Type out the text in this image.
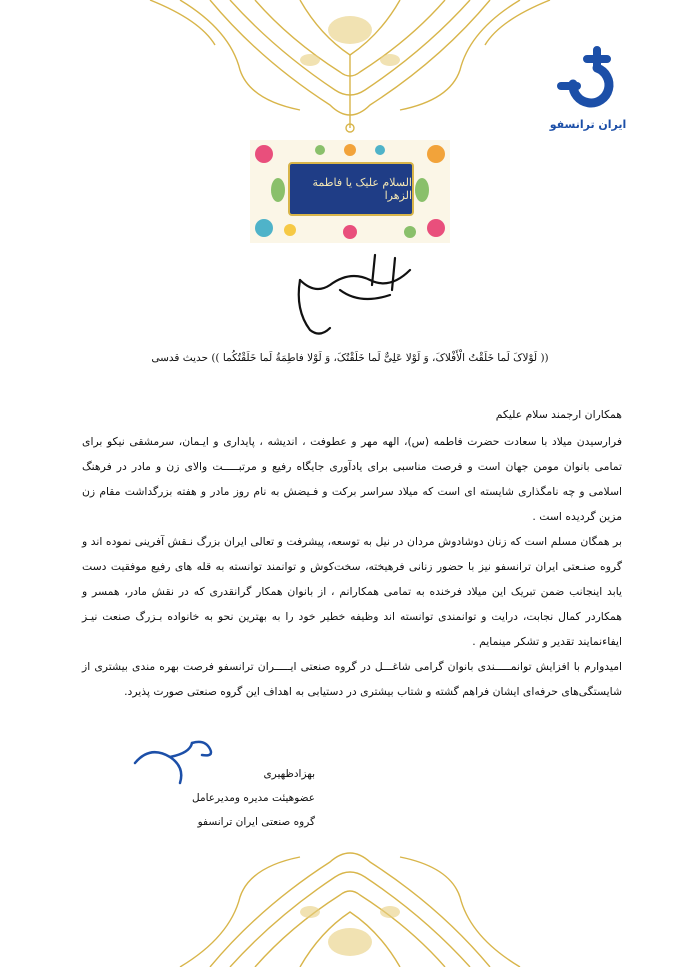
ایران ترانسفو
السلام علیک یا فاطمة الزهرا
(( لَوْلاکَ لَما خَلَقْتُ الْأَفْلاکَ، وَ لَوْلا عَلِیٌّ لَما خَلَقْتُکَ، وَ لَوْلا فاطِمَةُ لَما خَلَقْتُکُما )) حدیث قدسی

همکاران ارجمند سلام علیکم

فرارسیدن میلاد با سعادت حضرت فاطمه (س)، الهه مهر و عطوفت ، اندیشه ، پایداری و ایـمان، سرمشقی نیکو برای تمامی بانوان مومن جهان است و فرصت مناسبی برای یادآوری جایگاه رفیع و مرتبـــــت والای زن و مادر در فرهنگ اسلامی و چه نامگذاری شایسته ای است که میلاد سراسر برکت و فـیضش به نام روز مادر و هفته بزرگداشت مقام زن مزین گردیده است .

بر همگان مسلم است که زنان دوشادوش مردان در نیل به توسعه، پیشرفت و تعالی ایران بزرگ نـقش آفرینی نموده اند و گروه صنـعتی ایران ترانسفو نیز با حضور زنانی فرهیخته، سخت‌کوش و توانمند توانسته به قله های رفیع موفقیت دست یابد اینجانب ضمن تبریک این میلاد فرخنده به تمامی همکارانم ، از بانوان همکار گرانقدری که در نقش مادر، همسر و همکاردر کمال نجابت، درایت و توانمندی توانسته اند وظیفه خطیر خود را به بهترین نحو به خانواده بـزرگ صنعت نیـز ایفاءنمایند تقدیر و تشکر مینمایم .

امیدوارم با افزایش توانمـــــندی بانوان گرامی شاغـــل در گروه صنعتی ایـــــران ترانسفو فرصت بهره مندی بیشتری از شایستگی‌های حرفه‌ای ایشان فراهم گشته و شتاب بیشتری در دستیابی به اهداف این گروه صنعتی صورت پذیرد.

بهزادظهیری
عضوهیئت مدیره ومدیرعامل
گروه صنعتی ایران ترانسفو
